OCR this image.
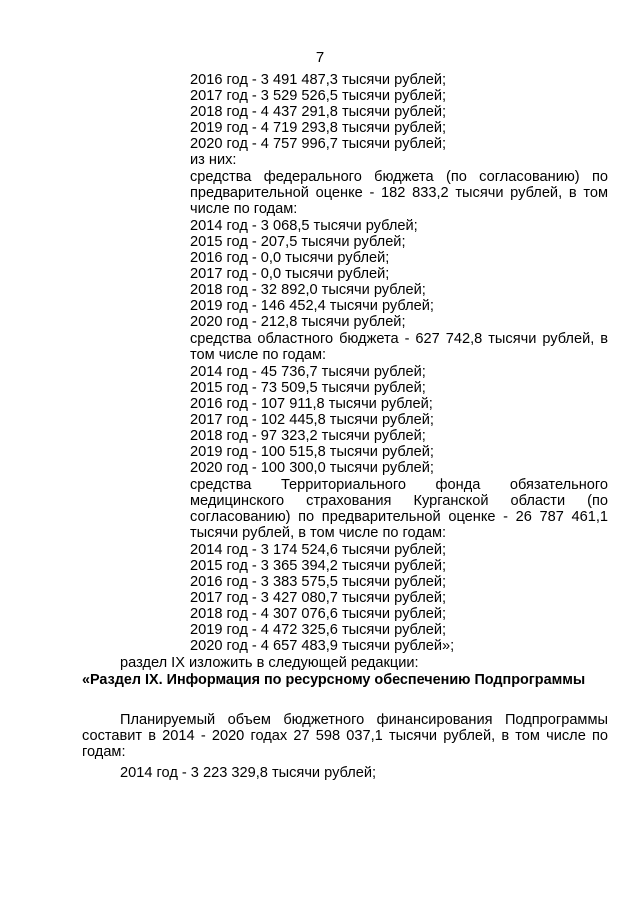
7
2016 год - 3 491 487,3 тысячи рублей;
2017 год - 3 529 526,5 тысячи рублей;
2018 год - 4 437 291,8 тысячи рублей;
2019 год - 4 719 293,8 тысячи рублей;
2020 год - 4 757 996,7 тысячи рублей;
из них:
средства федерального бюджета (по согласованию) по
предварительной оценке - 182 833,2 тысячи рублей, в том
числе по годам:
2014 год - 3 068,5 тысячи рублей;
2015 год - 207,5 тысячи рублей;
2016 год - 0,0 тысячи рублей;
2017 год - 0,0 тысячи рублей;
2018 год - 32 892,0 тысячи рублей;
2019 год - 146 452,4 тысячи рублей;
2020 год - 212,8 тысячи рублей;
средства областного бюджета - 627 742,8 тысячи рублей, в
том числе по годам:
2014 год - 45 736,7 тысячи рублей;
2015 год - 73 509,5 тысячи рублей;
2016 год - 107 911,8 тысячи рублей;
2017 год - 102 445,8 тысячи рублей;
2018 год - 97 323,2 тысячи рублей;
2019 год - 100 515,8 тысячи рублей;
2020 год - 100 300,0 тысячи рублей;
средства Территориального фонда обязательного
медицинского страхования Курганской области (по
согласованию) по предварительной оценке - 26 787 461,1
тысячи рублей, в том числе по годам:
2014 год - 3 174 524,6 тысячи рублей;
2015 год - 3 365 394,2 тысячи рублей;
2016 год - 3 383 575,5 тысячи рублей;
2017 год - 3 427 080,7 тысячи рублей;
2018 год - 4 307 076,6 тысячи рублей;
2019 год - 4 472 325,6 тысячи рублей;
2020 год - 4 657 483,9 тысячи рублей»;
раздел IX изложить в следующей редакции:
«Раздел IX. Информация по ресурсному обеспечению Подпрограммы
Планируемый объем бюджетного финансирования Подпрограммы
составит в 2014 - 2020 годах 27 598 037,1 тысячи рублей, в том числе по
годам:
2014 год - 3 223 329,8 тысячи рублей;
